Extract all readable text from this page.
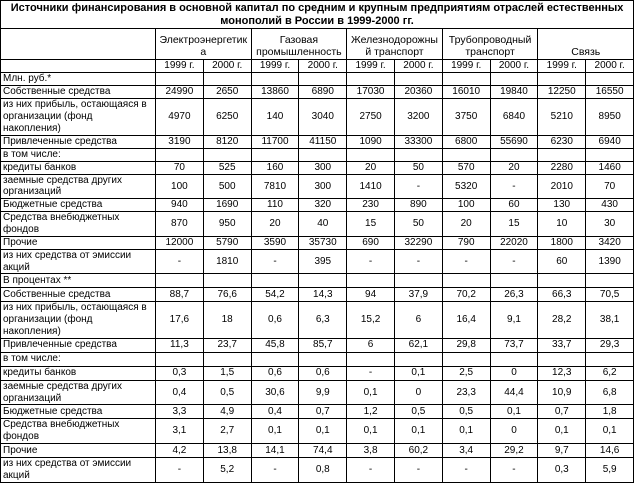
Источники финансирования в основной капитал по средним и крупным предприятиям отраслей естественных монополий в России в 1999-2000 гг.										
	Электроэнергетика		Газовая промышленность		Железнодорожный транспорт		Трубопроводный транспорт		Связь	
	1999 г.	2000 г.	1999 г.	2000 г.	1999 г.	2000 г.	1999 г.	2000 г.	1999 г.	2000 г.
Млн. руб.*										
Собственные средства	24990	2650	13860	6890	17030	20360	16010	19840	12250	16550
из них прибыль, остающаяся в организации (фонд накопления)	4970	6250	140	3040	2750	3200	3750	6840	5210	8950
Привлеченные средства	3190	8120	11700	41150	1090	33300	6800	55690	6230	6940
в том числе:										
кредиты банков	70	525	160	300	20	50	570	20	2280	1460
заемные средства других организаций	100	500	7810	300	1410	-	5320	-	2010	70
Бюджетные средства	940	1690	110	320	230	890	100	60	130	430
Средства внебюджетных фондов	870	950	20	40	15	50	20	15	10	30
Прочие	12000	5790	3590	35730	690	32290	790	22020	1800	3420
из них средства от эмиссии акций	-	1810	-	395	-	-	-	-	60	1390
В процентах **										
Собственные средства	88,7	76,6	54,2	14,3	94	37,9	70,2	26,3	66,3	70,5
из них прибыль, остающаяся в организации (фонд накопления)	17,6	18	0,6	6,3	15,2	6	16,4	9,1	28,2	38,1
Привлеченные средства	11,3	23,7	45,8	85,7	6	62,1	29,8	73,7	33,7	29,3
в том числе:										
кредиты банков	0,3	1,5	0,6	0,6	-	0,1	2,5	0	12,3	6,2
заемные средства других организаций	0,4	0,5	30,6	9,9	0,1	0	23,3	44,4	10,9	6,8
Бюджетные средства	3,3	4,9	0,4	0,7	1,2	0,5	0,5	0,1	0,7	1,8
Средства внебюджетных фондов	3,1	2,7	0,1	0,1	0,1	0,1	0,1	0	0,1	0,1
Прочие	4,2	13,8	14,1	74,4	3,8	60,2	3,4	29,2	9,7	14,6
из них средства от эмиссии акций	-	5,2	-	0,8	-	-	-	-	0,3	5,9
